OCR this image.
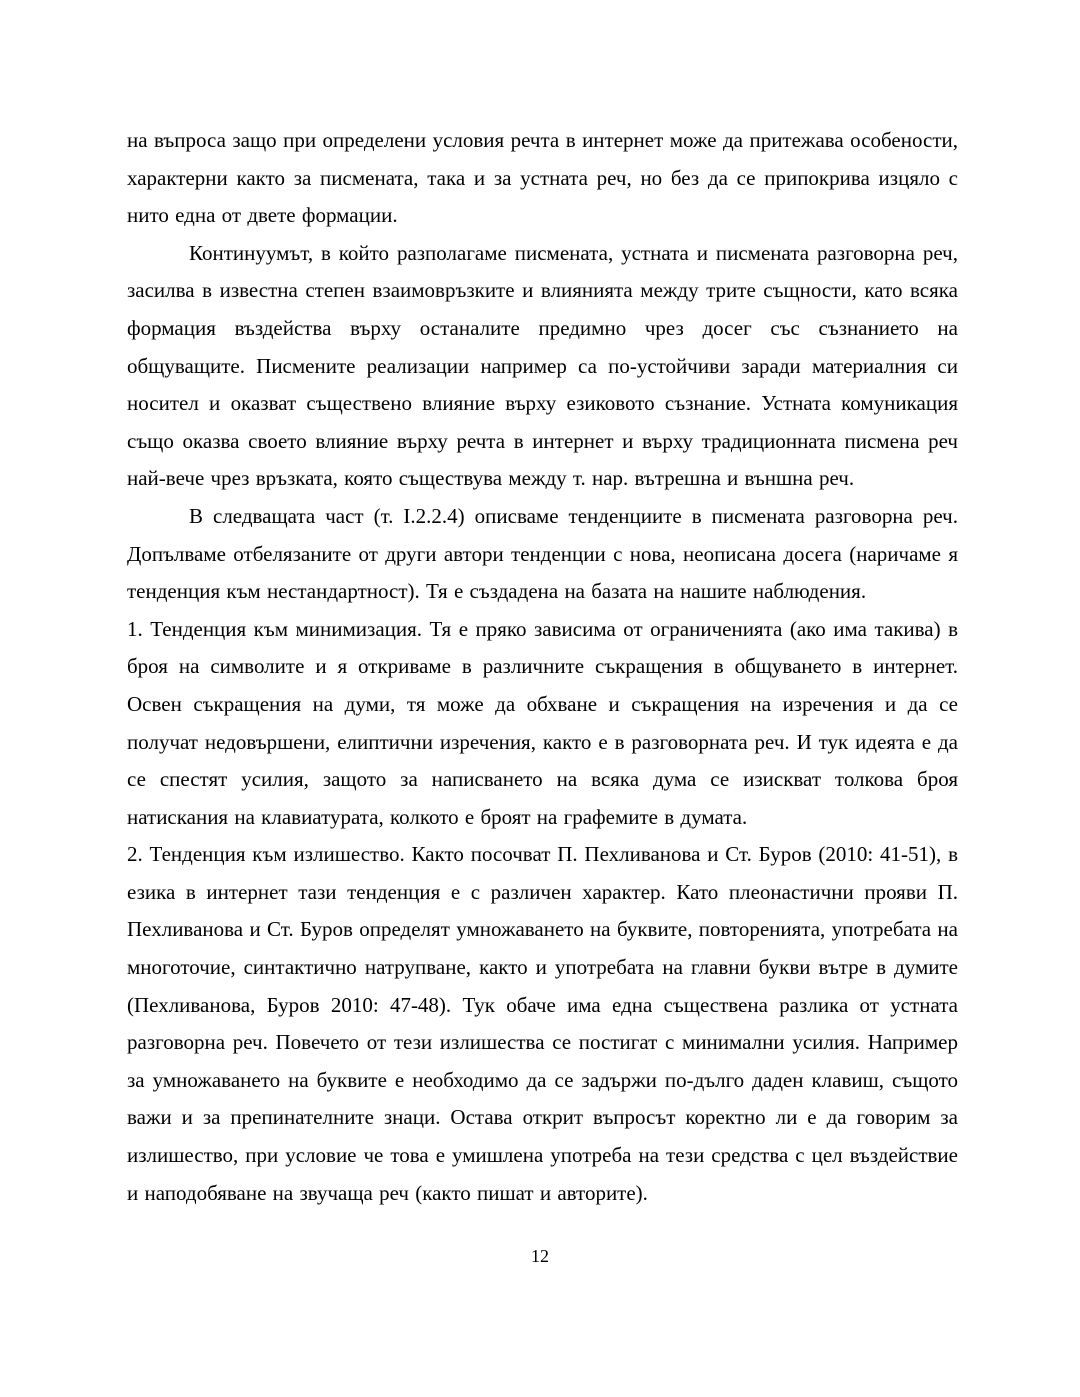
на въпроса защо при определени условия речта в интернет може да притежава особености, характерни както за писмената, така и за устната реч, но без да се припокрива изцяло с нито една от двете формации.

Континуумът, в който разполагаме писмената, устната и писмената разговорна реч, засилва в известна степен взаимовръзките и влиянията между трите същности, като всяка формация въздейства върху останалите предимно чрез досег със съзнанието на общуващите. Писмените реализации например са по-устойчиви заради материалния си носител и оказват съществено влияние върху езиковото съзнание. Устната комуникация също оказва своето влияние върху речта в интернет и върху традиционната писмена реч най-вече чрез връзката, която съществува между т. нар. вътрешна и външна реч.

В следващата част (т. I.2.2.4) описваме тенденциите в писмената разговорна реч. Допълваме отбелязаните от други автори тенденции с нова, неописана досега (наричаме я тенденция към нестандартност). Тя е създадена на базата на нашите наблюдения.

1. Тенденция към минимизация. Тя е пряко зависима от ограниченията (ако има такива) в броя на символите и я откриваме в различните съкращения в общуването в интернет. Освен съкращения на думи, тя може да обхване и съкращения на изречения и да се получат недовършени, елиптични изречения, както е в разговорната реч. И тук идеята е да се спестят усилия, защото за написването на всяка дума се изискват толкова броя натискания на клавиатурата, колкото е броят на графемите в думата.

2. Тенденция към излишество. Както посочват П. Пехливанова и Ст. Буров (2010: 41-51), в езика в интернет тази тенденция е с различен характер. Като плеонастични прояви П. Пехливанова и Ст. Буров определят умножаването на буквите, повторенията, употребата на многоточие, синтактично натрупване, както и употребата на главни букви вътре в думите (Пехливанова, Буров 2010: 47-48). Тук обаче има една съществена разлика от устната разговорна реч. Повечето от тези излишества се постигат с минимални усилия. Например за умножаването на буквите е необходимо да се задържи по-дълго даден клавиш, същото важи и за препинателните знаци. Остава открит въпросът коректно ли е да говорим за излишество, при условие че това е умишлена употреба на тези средства с цел въздействие и наподобяване на звучаща реч (както пишат и авторите).

12
